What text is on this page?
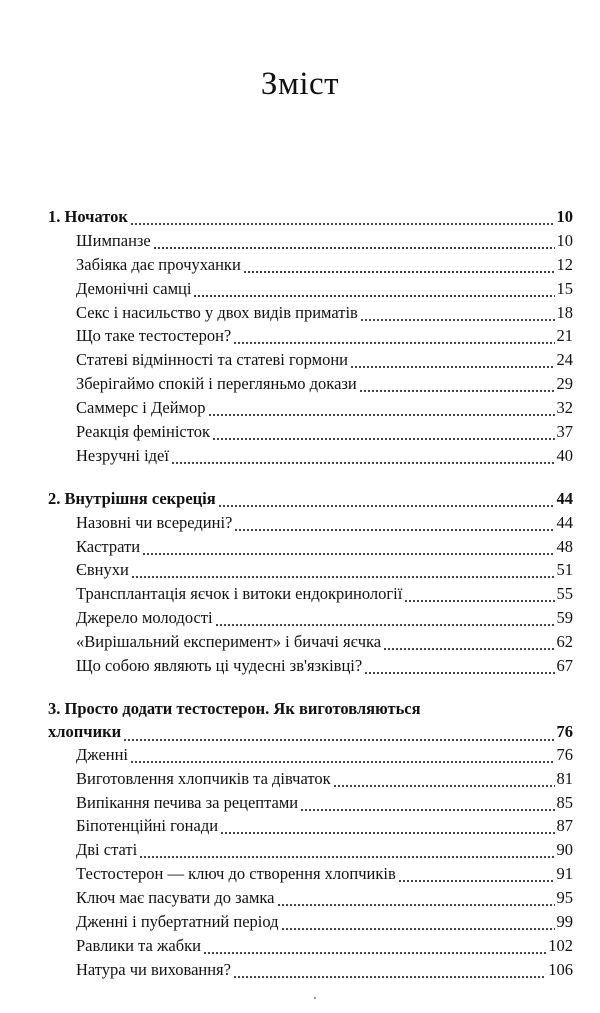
Зміст
1. Ночаток	10
Шимпанзе	10
Забіяка дає прочуханки	12
Демонічні самці	15
Секс і насильство у двох видів приматів	18
Що таке тестостерон?	21
Статеві відмінності та статеві гормони	24
Зберігаймо спокій і перегляньмо докази	29
Саммерс і Деймор	32
Реакція феміністок	37
Незручні ідеї	40
2. Внутрішня секреція	44
Назовні чи всередині?	44
Кастрати	48
Євнухи	51
Трансплантація яєчок і витоки ендокринології	55
Джерело молодості	59
«Вирішальний експеримент» і бичачі яєчка	62
Що собою являють ці чудесні зв'язківці?	67
3. Просто додати тестостерон. Як виготовляються
хлопчики	76
Дженні	76
Виготовлення хлопчиків та дівчаток	81
Випікання печива за рецептами	85
Біпотенційні гонади	87
Дві статі	90
Тестостерон — ключ до створення хлопчиків	91
Ключ має пасувати до замка	95
Дженні і пубертатний період	99
Равлики та жабки	102
Натура чи виховання?	106
